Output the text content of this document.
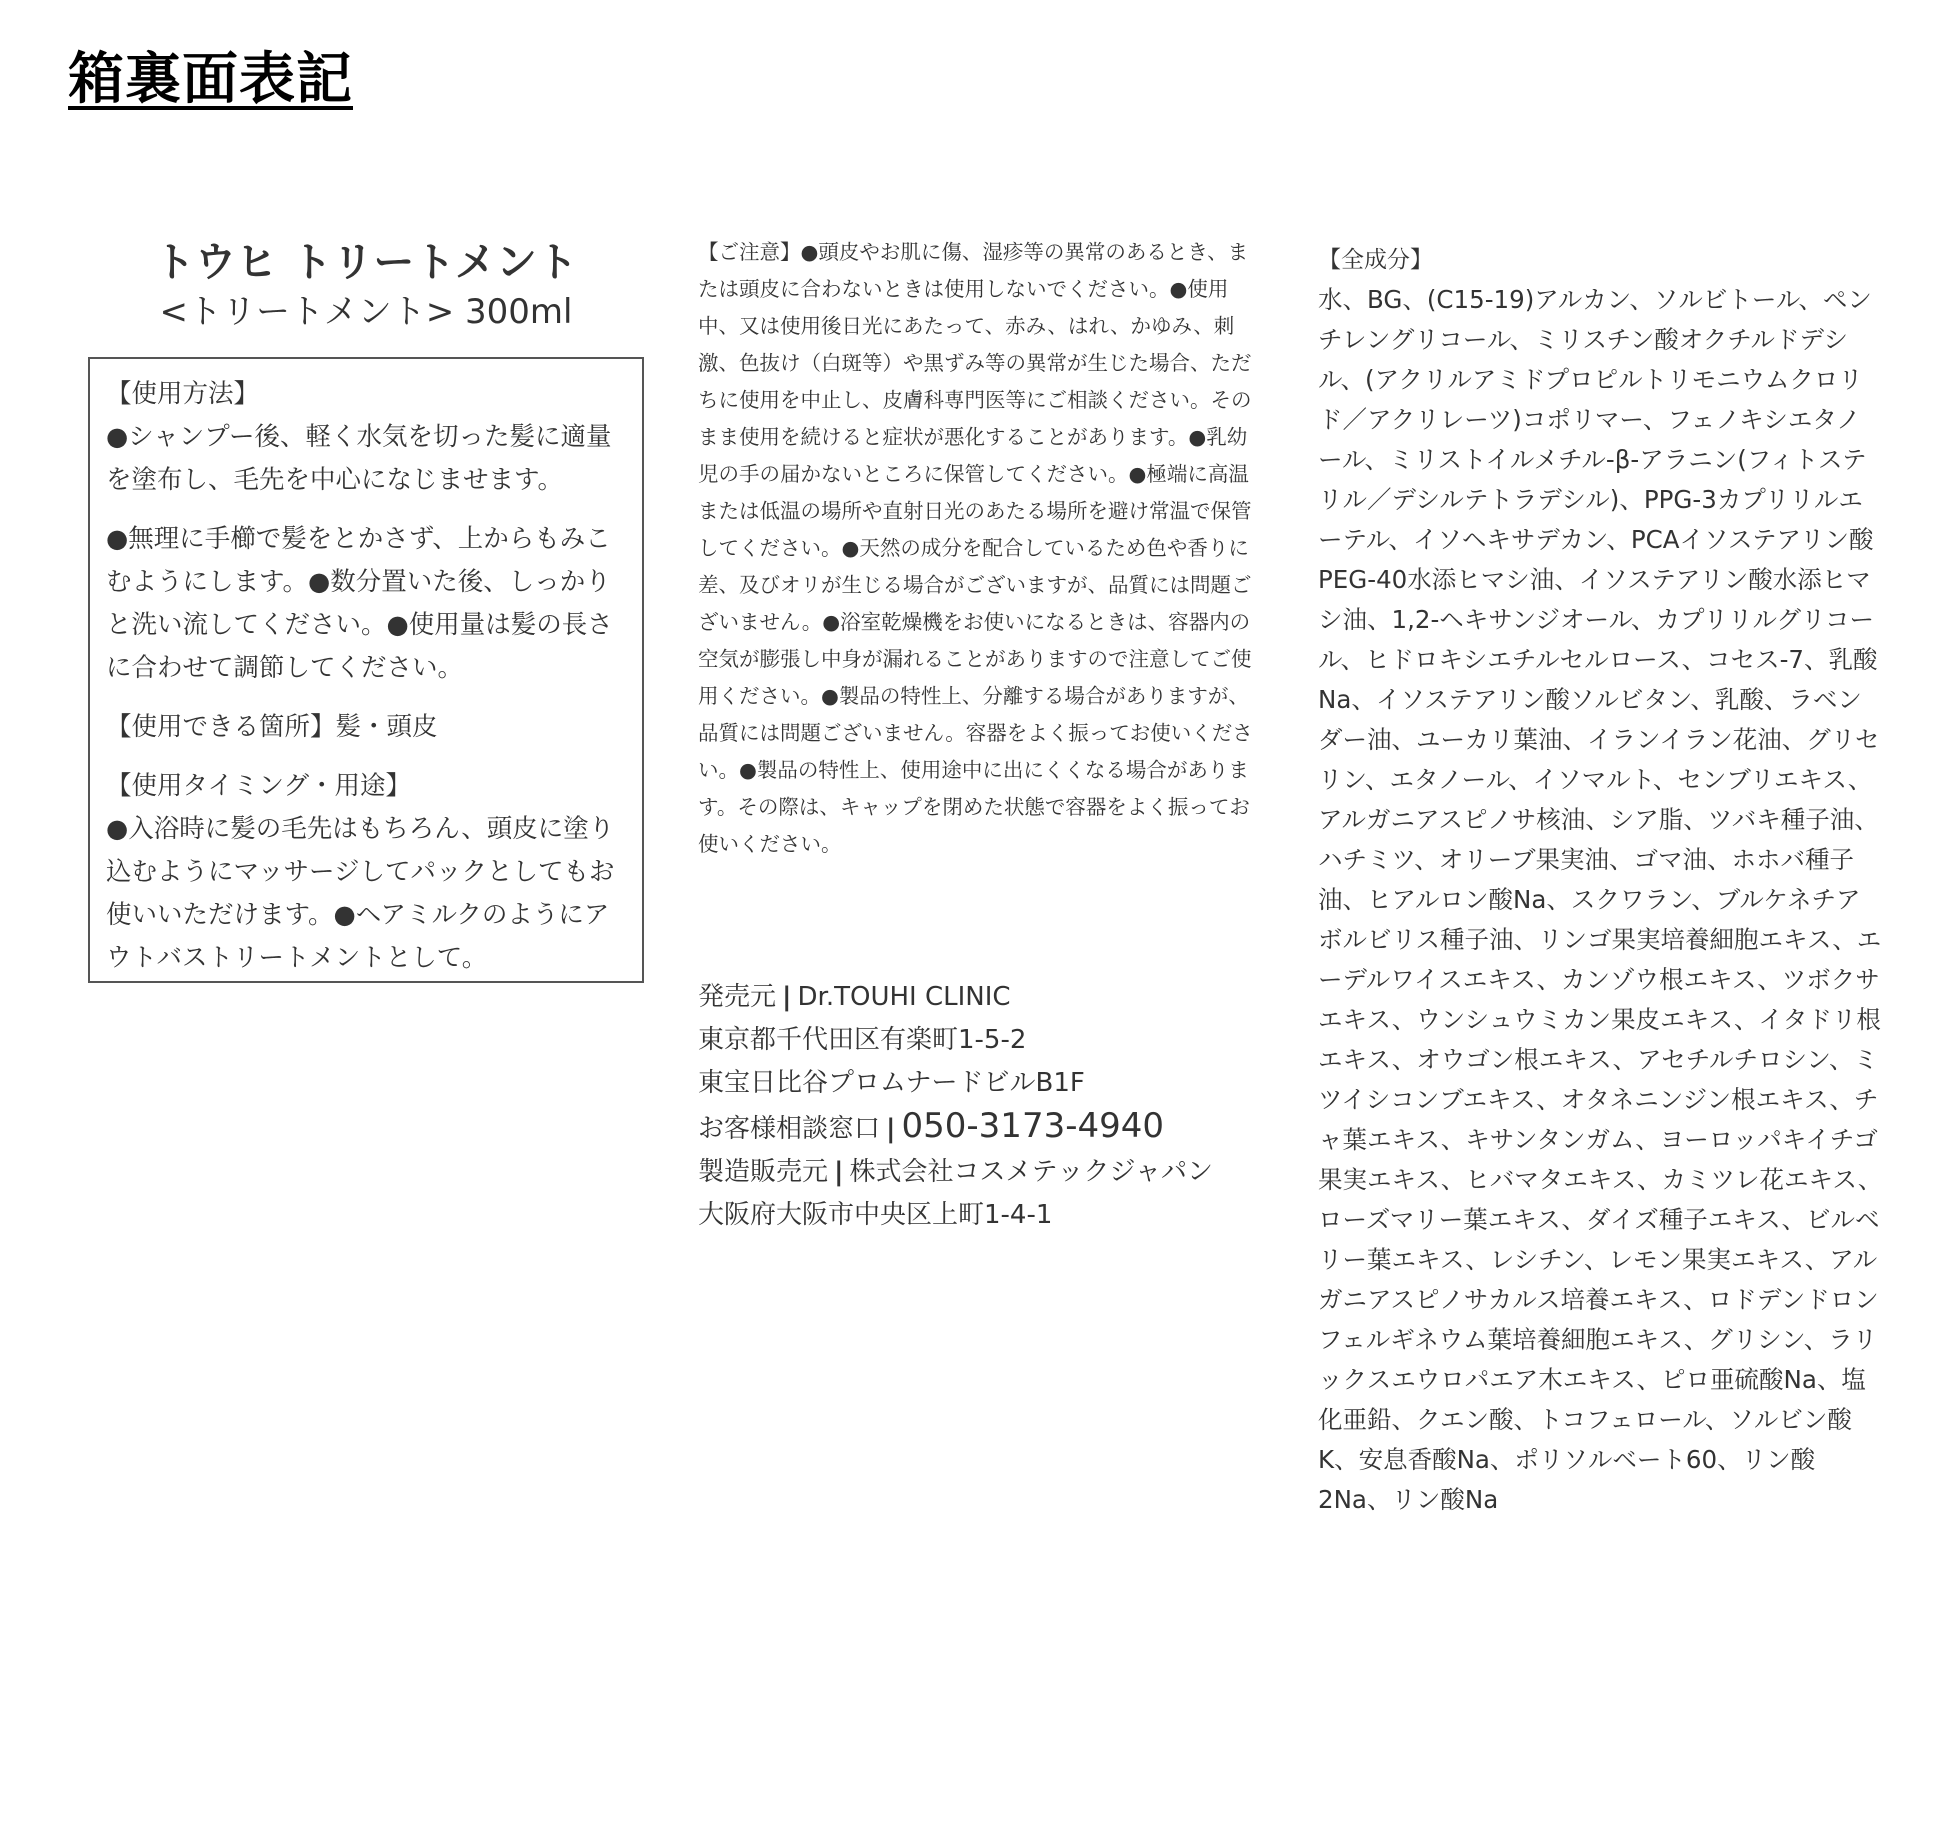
箱裏面表記
トウヒ トリートメント
<トリートメント> 300ml

【使用方法】

●シャンプー後、軽く水気を切った髪に適量を塗布し、毛先を中心になじませます。

●無理に手櫛で髪をとかさず、上からもみこむようにします。●数分置いた後、しっかりと洗い流してください。●使用量は髪の長さに合わせて調節してください。

【使用できる箇所】髪・頭皮

【使用タイミング・用途】

●入浴時に髪の毛先はもちろん、頭皮に塗り込むようにマッサージしてパックとしてもお使いいただけます。●ヘアミルクのようにアウトバストリートメントとして。

【ご注意】●頭皮やお肌に傷、湿疹等の異常のあるとき、または頭皮に合わないときは使用しないでください。●使用中、又は使用後日光にあたって、赤み、はれ、かゆみ、刺激、色抜け（白斑等）や黒ずみ等の異常が生じた場合、ただちに使用を中止し、皮膚科専門医等にご相談ください。そのまま使用を続けると症状が悪化することがあります。●乳幼児の手の届かないところに保管してください。●極端に高温または低温の場所や直射日光のあたる場所を避け常温で保管してください。●天然の成分を配合しているため色や香りに差、及びオリが生じる場合がございますが、品質には問題ございません。●浴室乾燥機をお使いになるときは、容器内の空気が膨張し中身が漏れることがありますので注意してご使用ください。●製品の特性上、分離する場合がありますが、品質には問題ございません。容器をよく振ってお使いください。●製品の特性上、使用途中に出にくくなる場合があります。その際は、キャップを閉めた状態で容器をよく振ってお使いください。

発売元 | Dr.TOUHI CLINIC
東京都千代田区有楽町1-5-2
東宝日比谷プロムナードビルB1F
お客様相談窓口 | 050-3173-4940
製造販売元 | 株式会社コスメテックジャパン
大阪府大阪市中央区上町1-4-1
【全成分】

水、BG、(C15-19)アルカン、ソルビトール、ペンチレングリコール、ミリスチン酸オクチルドデシル、(アクリルアミドプロピルトリモニウムクロリド／アクリレーツ)コポリマー、フェノキシエタノール、ミリストイルメチル-β-アラニン(フィトステリル／デシルテトラデシル)、PPG-3カプリリルエーテル、イソヘキサデカン、PCAイソステアリン酸PEG-40水添ヒマシ油、イソステアリン酸水添ヒマシ油、1,2-ヘキサンジオール、カプリリルグリコール、ヒドロキシエチルセルロース、コセス-7、乳酸Na、イソステアリン酸ソルビタン、乳酸、ラベンダー油、ユーカリ葉油、イランイラン花油、グリセリン、エタノール、イソマルト、センブリエキス、アルガニアスピノサ核油、シア脂、ツバキ種子油、ハチミツ、オリーブ果実油、ゴマ油、ホホバ種子油、ヒアルロン酸Na、スクワラン、ブルケネチアボルビリス種子油、リンゴ果実培養細胞エキス、エーデルワイスエキス、カンゾウ根エキス、ツボクサエキス、ウンシュウミカン果皮エキス、イタドリ根エキス、オウゴン根エキス、アセチルチロシン、ミツイシコンブエキス、オタネニンジン根エキス、チャ葉エキス、キサンタンガム、ヨーロッパキイチゴ果実エキス、ヒバマタエキス、カミツレ花エキス、ローズマリー葉エキス、ダイズ種子エキス、ビルベリー葉エキス、レシチン、レモン果実エキス、アルガニアスピノサカルス培養エキス、ロドデンドロンフェルギネウム葉培養細胞エキス、グリシン、ラリックスエウロパエア木エキス、ピロ亜硫酸Na、塩化亜鉛、クエン酸、トコフェロール、ソルビン酸K、安息香酸Na、ポリソルベート60、リン酸2Na、リン酸Na
